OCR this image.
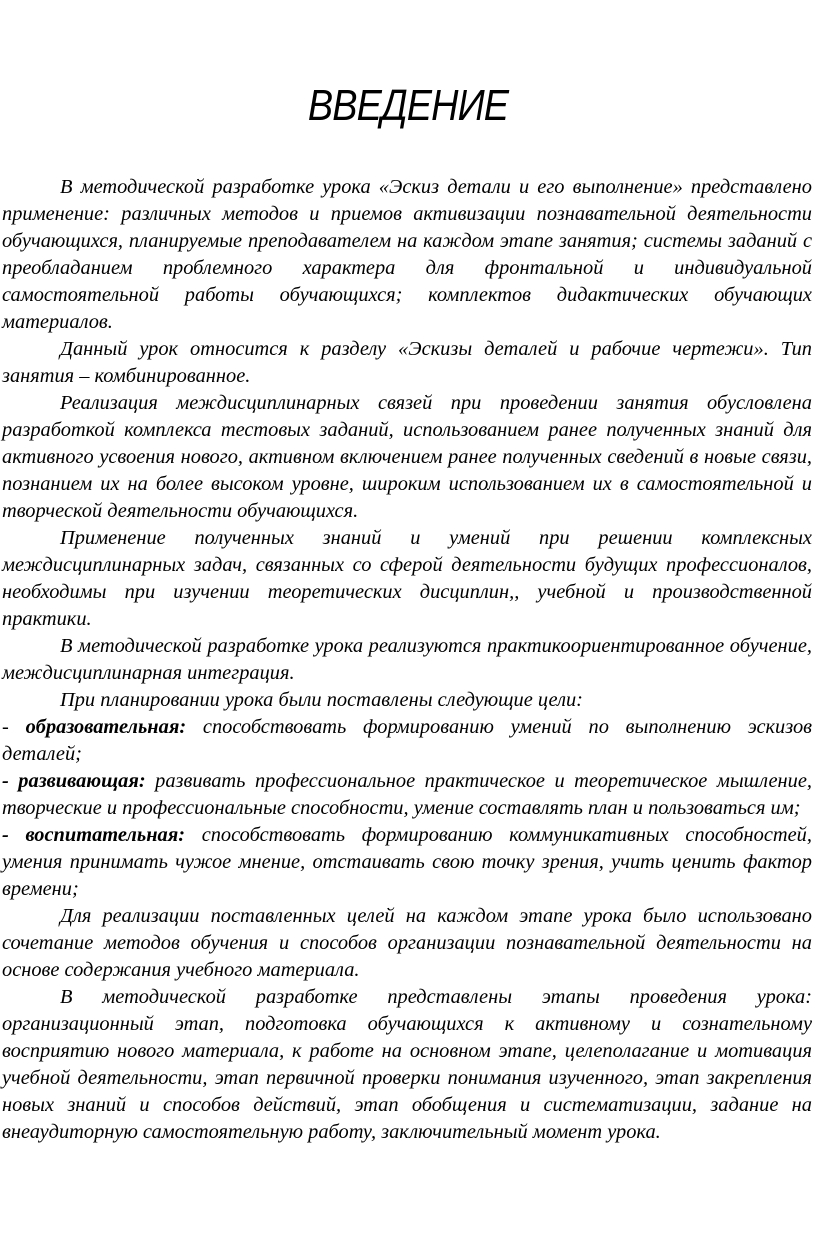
ВВЕДЕНИЕ

В методической разработке урока «Эскиз детали и его выполнение» представлено применение: различных методов и приемов активизации познавательной деятельности обучающихся, планируемые преподавателем на каждом этапе занятия; системы заданий с преобладанием проблемного характера для фронтальной и индивидуальной самостоятельной работы обучающихся; комплектов дидактических обучающих материалов.

Данный урок относится к разделу «Эскизы деталей и рабочие чертежи». Тип занятия – комбинированное.

Реализация междисциплинарных связей при проведении занятия обусловлена разработкой комплекса тестовых заданий, использованием ранее полученных знаний для активного усвоения нового, активном включением ранее полученных сведений в новые связи, познанием их на более высоком уровне, широким использованием их в самостоятельной и творческой деятельности обучающихся.

Применение полученных знаний и умений при решении комплексных междисциплинарных задач, связанных со сферой деятельности будущих профессионалов, необходимы при изучении теоретических дисциплин,, учебной и производственной практики.

В методической разработке урока реализуются практикоориентированное обучение, междисциплинарная интеграция.

При планировании урока были поставлены следующие цели:

- образовательная: способствовать формированию умений по выполнению эскизов деталей;

- развивающая: развивать профессиональное практическое и теоретическое мышление, творческие и профессиональные способности, умение составлять план и пользоваться им;

- воспитательная: способствовать формированию коммуникативных способностей, умения принимать чужое мнение, отстаивать свою точку зрения, учить ценить фактор времени;

Для реализации поставленных целей на каждом этапе урока было использовано сочетание методов обучения и способов организации познавательной деятельности на основе содержания учебного материала.

В методической разработке представлены этапы проведения урока: организационный этап, подготовка обучающихся к активному и сознательному восприятию нового материала, к работе на основном этапе, целеполагание и мотивация учебной деятельности, этап первичной проверки понимания изученного, этап закрепления новых знаний и способов действий, этап обобщения и систематизации, задание на внеаудиторную самостоятельную работу, заключительный момент урока.
